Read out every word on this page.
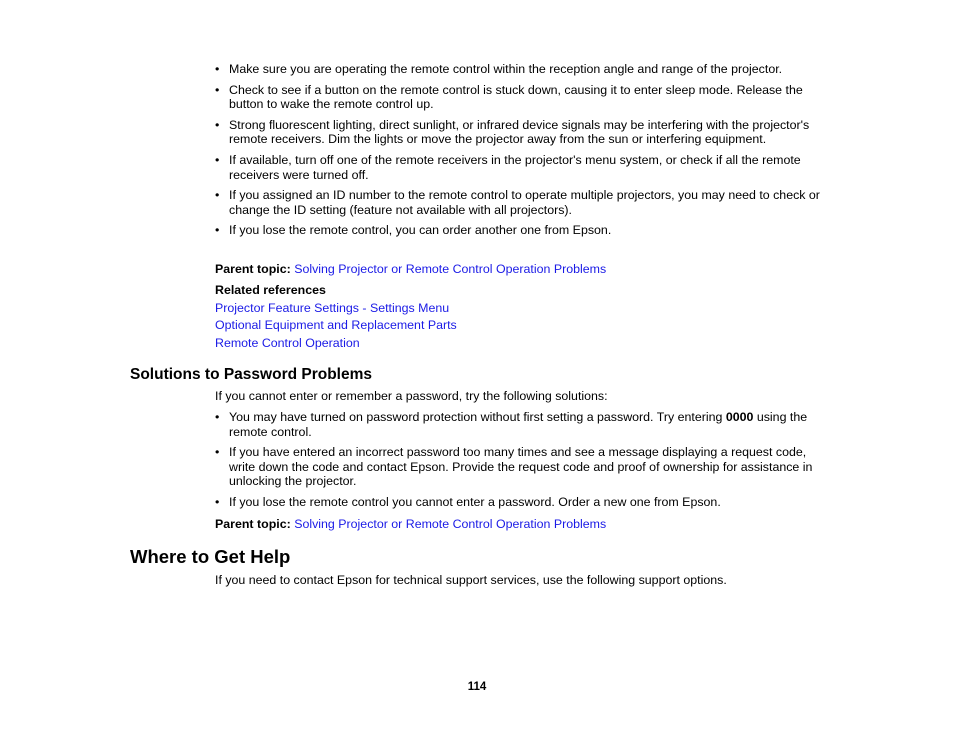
• Make sure you are operating the remote control within the reception angle and range of the projector.
• Check to see if a button on the remote control is stuck down, causing it to enter sleep mode. Release the button to wake the remote control up.
• Strong fluorescent lighting, direct sunlight, or infrared device signals may be interfering with the projector's remote receivers. Dim the lights or move the projector away from the sun or interfering equipment.
• If available, turn off one of the remote receivers in the projector's menu system, or check if all the remote receivers were turned off.
• If you assigned an ID number to the remote control to operate multiple projectors, you may need to check or change the ID setting (feature not available with all projectors).
• If you lose the remote control, you can order another one from Epson.

Parent topic: Solving Projector or Remote Control Operation Problems

Related references

Projector Feature Settings - Settings Menu
Optional Equipment and Replacement Parts
Remote Control Operation
Solutions to Password Problems

If you cannot enter or remember a password, try the following solutions:

• You may have turned on password protection without first setting a password. Try entering 0000 using the remote control.
• If you have entered an incorrect password too many times and see a message displaying a request code, write down the code and contact Epson. Provide the request code and proof of ownership for assistance in unlocking the projector.
• If you lose the remote control you cannot enter a password. Order a new one from Epson.

Parent topic: Solving Projector or Remote Control Operation Problems

Where to Get Help

If you need to contact Epson for technical support services, use the following support options.

114
